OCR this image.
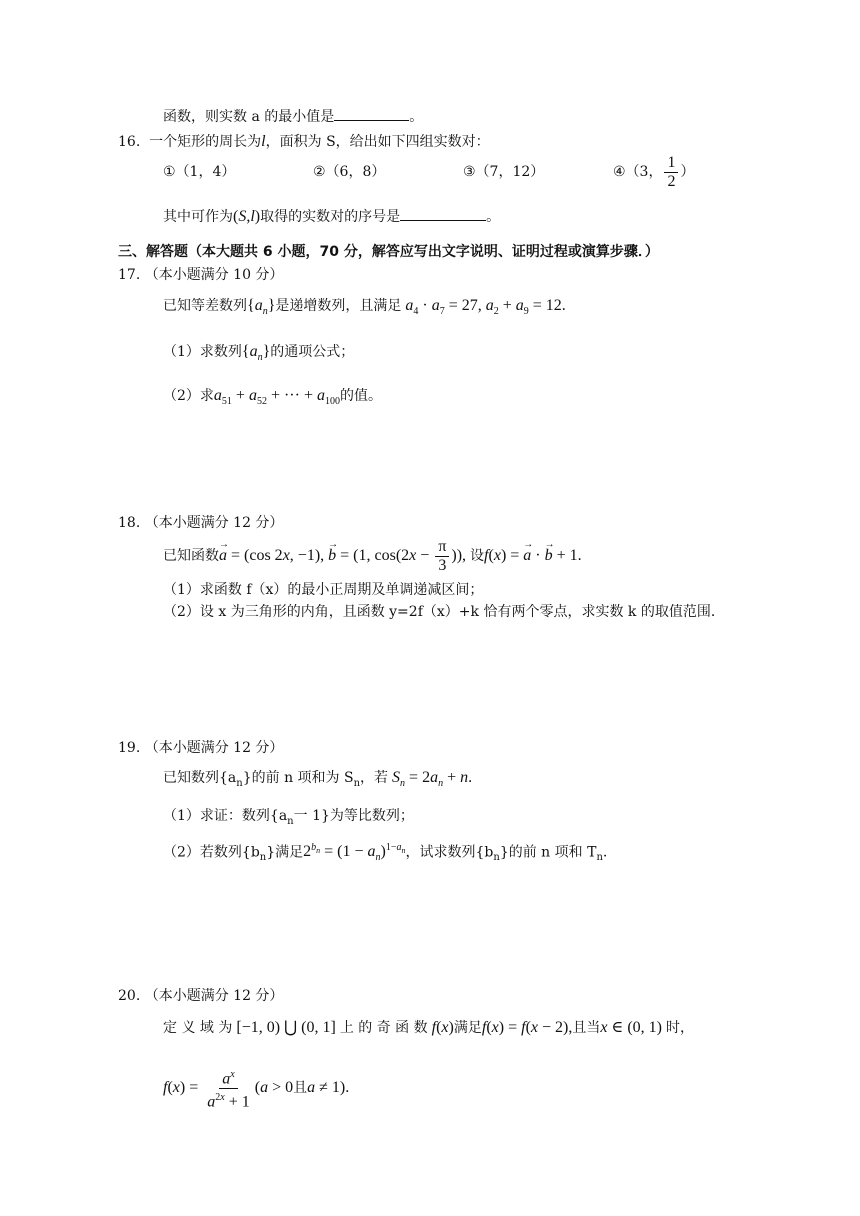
函数，则实数 a 的最小值是	。
16. 一个矩形的周长为l，面积为 S，给出如下四组实数对：
①（1，4）	②（6，8）	③（7，12）	④（3， $\frac{1}{2}$ ）
其中可作为(S,l)取得的实数对的序号是	。
三、解答题（本大题共 6 小题，70 分，解答应写出文字说明、证明过程或演算步骤．）
17. （本小题满分 10 分）
已知等差数列$\{a_n\}$是递增数列，且满足 $a_4 \cdot a_7 = 27$, $a_2 + a_9 = 12$.
（1）求数列$\{a_n\}$的通项公式；
（2）求$a_{51} + a_{52}$ + ··· + $a_{100}$的值。
18. （本小题满分 12 分）
已知函数→ a = (cos 2x, −1), → b = (1, $\cos(2x - \frac{\pi}{3}$ )), 设f(x) = → a · → b + 1.
（1）求函数 f（x）的最小正周期及单调递减区间；
（2）设 x 为三角形的内角，且函数 y=2f（x）+k 恰有两个零点，求实数 k 的取值范围．
19. （本小题满分 12 分）
已知数列$\{a_n\}$的前 n 项和为 $S_n$，若 $S_n = 2a_n + n$.
（1）求证：数列{$a_n$一 1}为等比数列；
（2）若数列$\{b_n\}$满足$2^{b_n} = (1 - a_n)^{1-a_n}$，试求数列$\{b_n\}$的前 n 项和 $T_n$.
20. （本小题满分 12 分）
定 义 域 为 [−1, 0) ⋃ (0, 1] 上 的 奇 函 数 f(x)满足f(x) = f(x − 2),且当x ∈ (0, 1) 时，
$f(x) = \frac{a^x}{a^{2x} + 1} (a > 0$且a ≠ 1).
